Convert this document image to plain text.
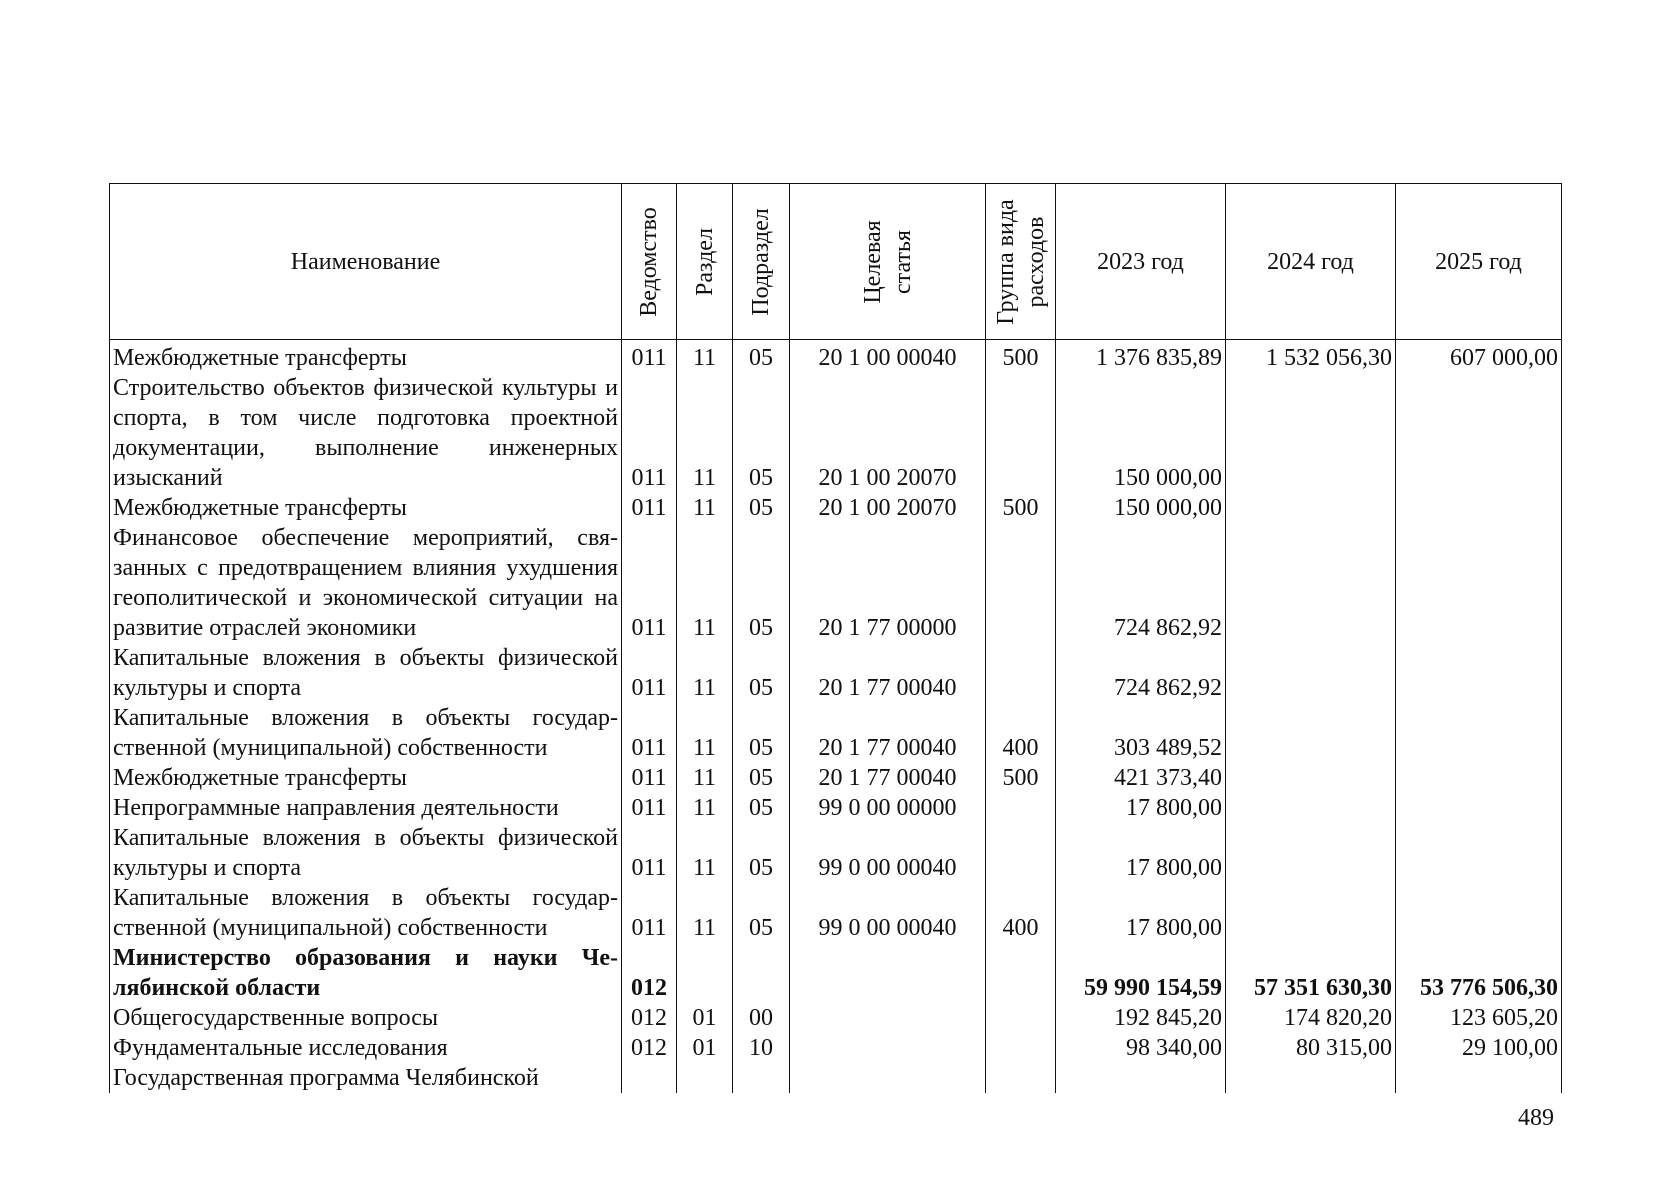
Наименование	Ведомство	Раздел	Подраздел	Целевая статья	Группа вида расходов	2023 год	2024 год	2025 год
Межбюджетные трансферты	011	11	05	20 1 00 00040	500	1 376 835,89	1 532 056,30	607 000,00
Строительство объектов физической культуры и спорта, в том числе подготовка проектной документации, выполнение инженерных изысканий	011	11	05	20 1 00 20070		150 000,00		
Межбюджетные трансферты	011	11	05	20 1 00 20070	500	150 000,00		
Финансовое обеспечение мероприятий, связанных с предотвращением влияния ухудшения геополитической и экономической ситуации на развитие отраслей экономики	011	11	05	20 1 77 00000		724 862,92		
Капитальные вложения в объекты физической культуры и спорта	011	11	05	20 1 77 00040		724 862,92		
Капитальные вложения в объекты государственной (муниципальной) собственности	011	11	05	20 1 77 00040	400	303 489,52		
Межбюджетные трансферты	011	11	05	20 1 77 00040	500	421 373,40		
Непрограммные направления деятельности	011	11	05	99 0 00 00000		17 800,00		
Капитальные вложения в объекты физической культуры и спорта	011	11	05	99 0 00 00040		17 800,00		
Капитальные вложения в объекты государственной (муниципальной) собственности	011	11	05	99 0 00 00040	400	17 800,00		
Министерство образования и науки Челябинской области	012					59 990 154,59	57 351 630,30	53 776 506,30
Общегосударственные вопросы	012	01	00			192 845,20	174 820,20	123 605,20
Фундаментальные исследования	012	01	10			98 340,00	80 315,00	29 100,00
Государственная программа Челябинской								
489
